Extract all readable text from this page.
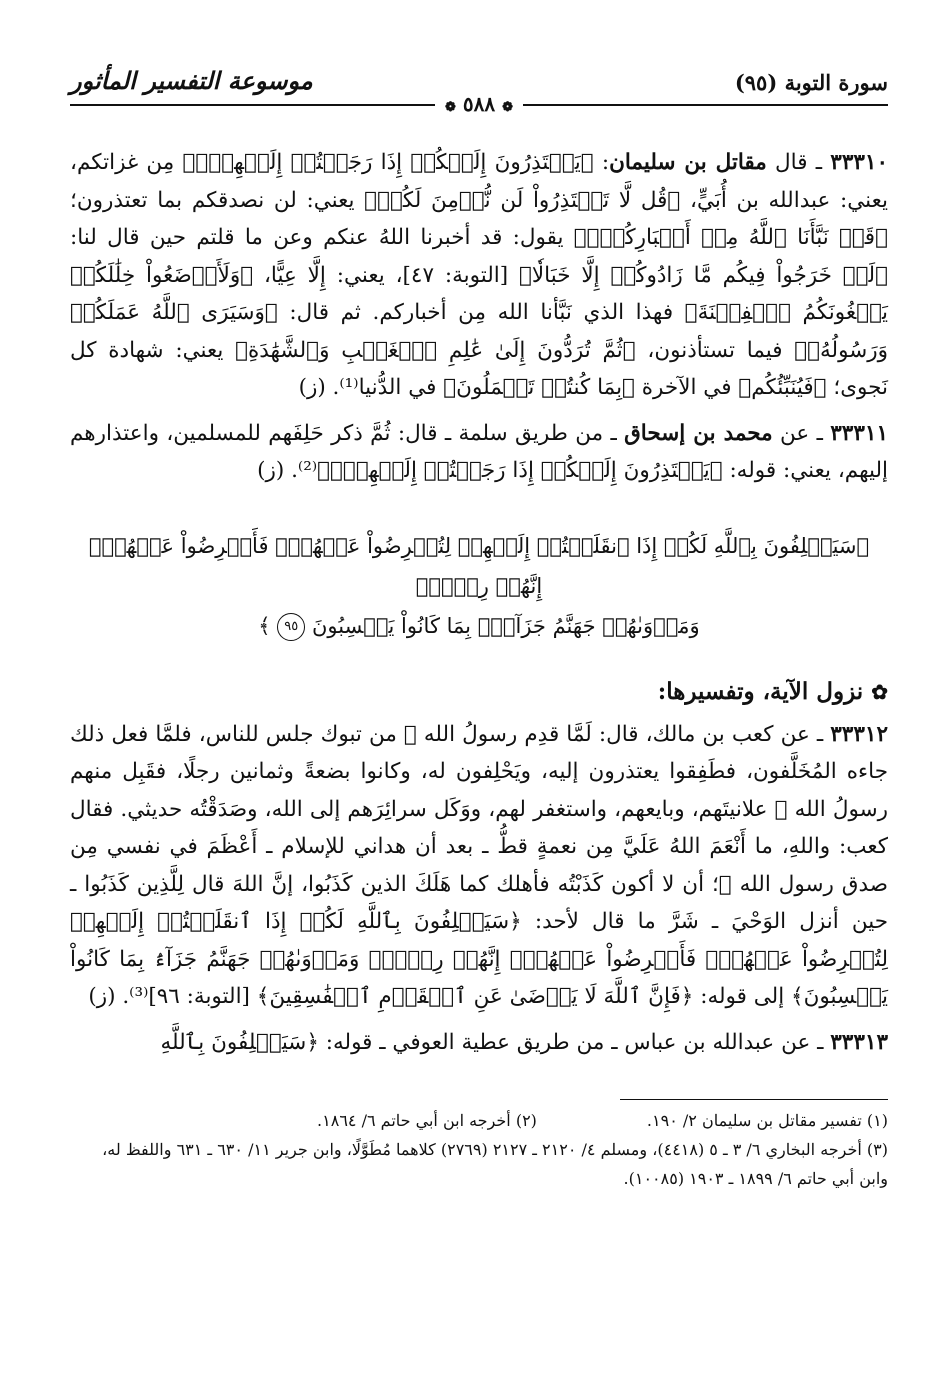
سورة التوبة (٩٥)
موسوعة التفسير المأثور
❁ ٥٨٨ ❁
٣٣٣١٠ ـ قال مقاتل بن سليمان: ﴿يَعۡتَذِرُونَ إِلَيۡكُمۡ إِذَا رَجَعۡتُمۡ إِلَيۡهِمۡۚ﴾ مِن غزاتكم، يعني: عبدالله بن أُبَيٍّ، ﴿قُل لَّا تَعۡتَذِرُواْ لَن نُّؤۡمِنَ لَكُمۡ﴾ يعني: لن نصدقكم بما تعتذرون؛ ﴿قَدۡ نَبَّأَنَا ٱللَّهُ مِنۡ أَخۡبَارِكُمۡۚ﴾ يقول: قد أخبرنا اللهُ عنكم وعن ما قلتم حين قال لنا: ﴿لَوۡ خَرَجُواْ فِيكُم مَّا زَادُوكُمۡ إِلَّا خَبَالٗا﴾ [التوبة: ٤٧]، يعني: إِلَّا عِيًّا، ﴿وَلَأَوۡضَعُواْ خِلَٰلَكُمۡ يَبۡغُونَكُمُ ٱلۡفِتۡنَةَ﴾ فهذا الذي نَبَّأنا الله مِن أخباركم. ثم قال: ﴿وَسَيَرَى ٱللَّهُ عَمَلَكُمۡ وَرَسُولُهُۥ﴾ فيما تستأذنون، ﴿ثُمَّ تُرَدُّونَ إِلَىٰ عَٰلِمِ ٱلۡغَيۡبِ وَٱلشَّهَٰدَةِ﴾ يعني: شهادة كل نَجوى؛ ﴿فَيُنَبِّئُكُم﴾ في الآخرة ﴿بِمَا كُنتُمۡ تَعۡمَلُونَ﴾ في الدُّنيا⁽¹⁾. (ز)
٣٣٣١١ ـ عن محمد بن إسحاق ـ من طريق سلمة ـ قال: ثُمَّ ذكر حَلِفَهم للمسلمين، واعتذارهم إليهم، يعني: قوله: ﴿يَعۡتَذِرُونَ إِلَيۡكُمۡ إِذَا رَجَعۡتُمۡ إِلَيۡهِمۡۚ﴾⁽²⁾. (ز)
﴿سَيَحۡلِفُونَ بِٱللَّهِ لَكُمۡ إِذَا ٱنقَلَبۡتُمۡ إِلَيۡهِمۡ لِتُعۡرِضُواْ عَنۡهُمۡۖ فَأَعۡرِضُواْ عَنۡهُمۡۖ إِنَّهُمۡ رِجۡسٞۖ
وَمَأۡوَىٰهُمۡ جَهَنَّمُ جَزَآءَۢ بِمَا كَانُواْ يَكۡسِبُونَ ٩٥ ﴾
✿ نزول الآية، وتفسيرها:
٣٣٣١٢ ـ عن كعب بن مالك، قال: لَمَّا قدِم رسولُ الله ﷺ من تبوك جلس للناس، فلمَّا فعل ذلك جاءه المُخَلَّفون، فطَفِقوا يعتذرون إليه، ويَحْلِفون له، وكانوا بضعةً وثمانين رجلًا، فقَبِل منهم رسولُ الله ﷺ علانيتَهم، وبايعهم، واستغفر لهم، ووَكَل سرائِرَهم إلى الله، وصَدَقْتُه حديثي. فقال كعب: واللهِ، ما أَنْعَمَ اللهُ عَلَيَّ مِن نعمةٍ قطُّ ـ بعد أن هداني للإسلام ـ أَعْظَمَ في نفسي مِن صدق رسول الله ﷺ؛ أن لا أكون كَذَبْتُه فأهلك كما هَلَكَ الذين كَذَبُوا، إنَّ اللهَ قال لِلَّذِين كَذَبُوا ـ حين أنزل الوَحْيَ ـ شَرَّ ما قال لأحد: ﴿سَيَحۡلِفُونَ بِٱللَّهِ لَكُمۡ إِذَا ٱنقَلَبۡتُمۡ إِلَيۡهِمۡ لِتُعۡرِضُواْ عَنۡهُمۡۖ فَأَعۡرِضُواْ عَنۡهُمۡۖ إِنَّهُمۡ رِجۡسٞۖ وَمَأۡوَىٰهُمۡ جَهَنَّمُ جَزَآءَۢ بِمَا كَانُواْ يَكۡسِبُونَ﴾ إلى قوله: ﴿فَإِنَّ ٱللَّهَ لَا يَرۡضَىٰ عَنِ ٱلۡقَوۡمِ ٱلۡفَٰسِقِينَ﴾ [التوبة: ٩٦]⁽³⁾. (ز)
٣٣٣١٣ ـ عن عبدالله بن عباس ـ من طريق عطية العوفي ـ قوله: ﴿سَيَحۡلِفُونَ بِٱللَّهِ
(١) تفسير مقاتل بن سليمان ٢/ ١٩٠.
(٢) أخرجه ابن أبي حاتم ٦/ ١٨٦٤.
(٣) أخرجه البخاري ٦/ ٣ ـ ٥ (٤٤١٨)، ومسلم ٤/ ٢١٢٠ ـ ٢١٢٧ (٢٧٦٩) كلاهما مُطَوَّلًا، وابن جرير ١١/ ٦٣٠ ـ ٦٣١ واللفظ له، وابن أبي حاتم ٦/ ١٨٩٩ ـ ١٩٠٣ (١٠٠٨٥).
